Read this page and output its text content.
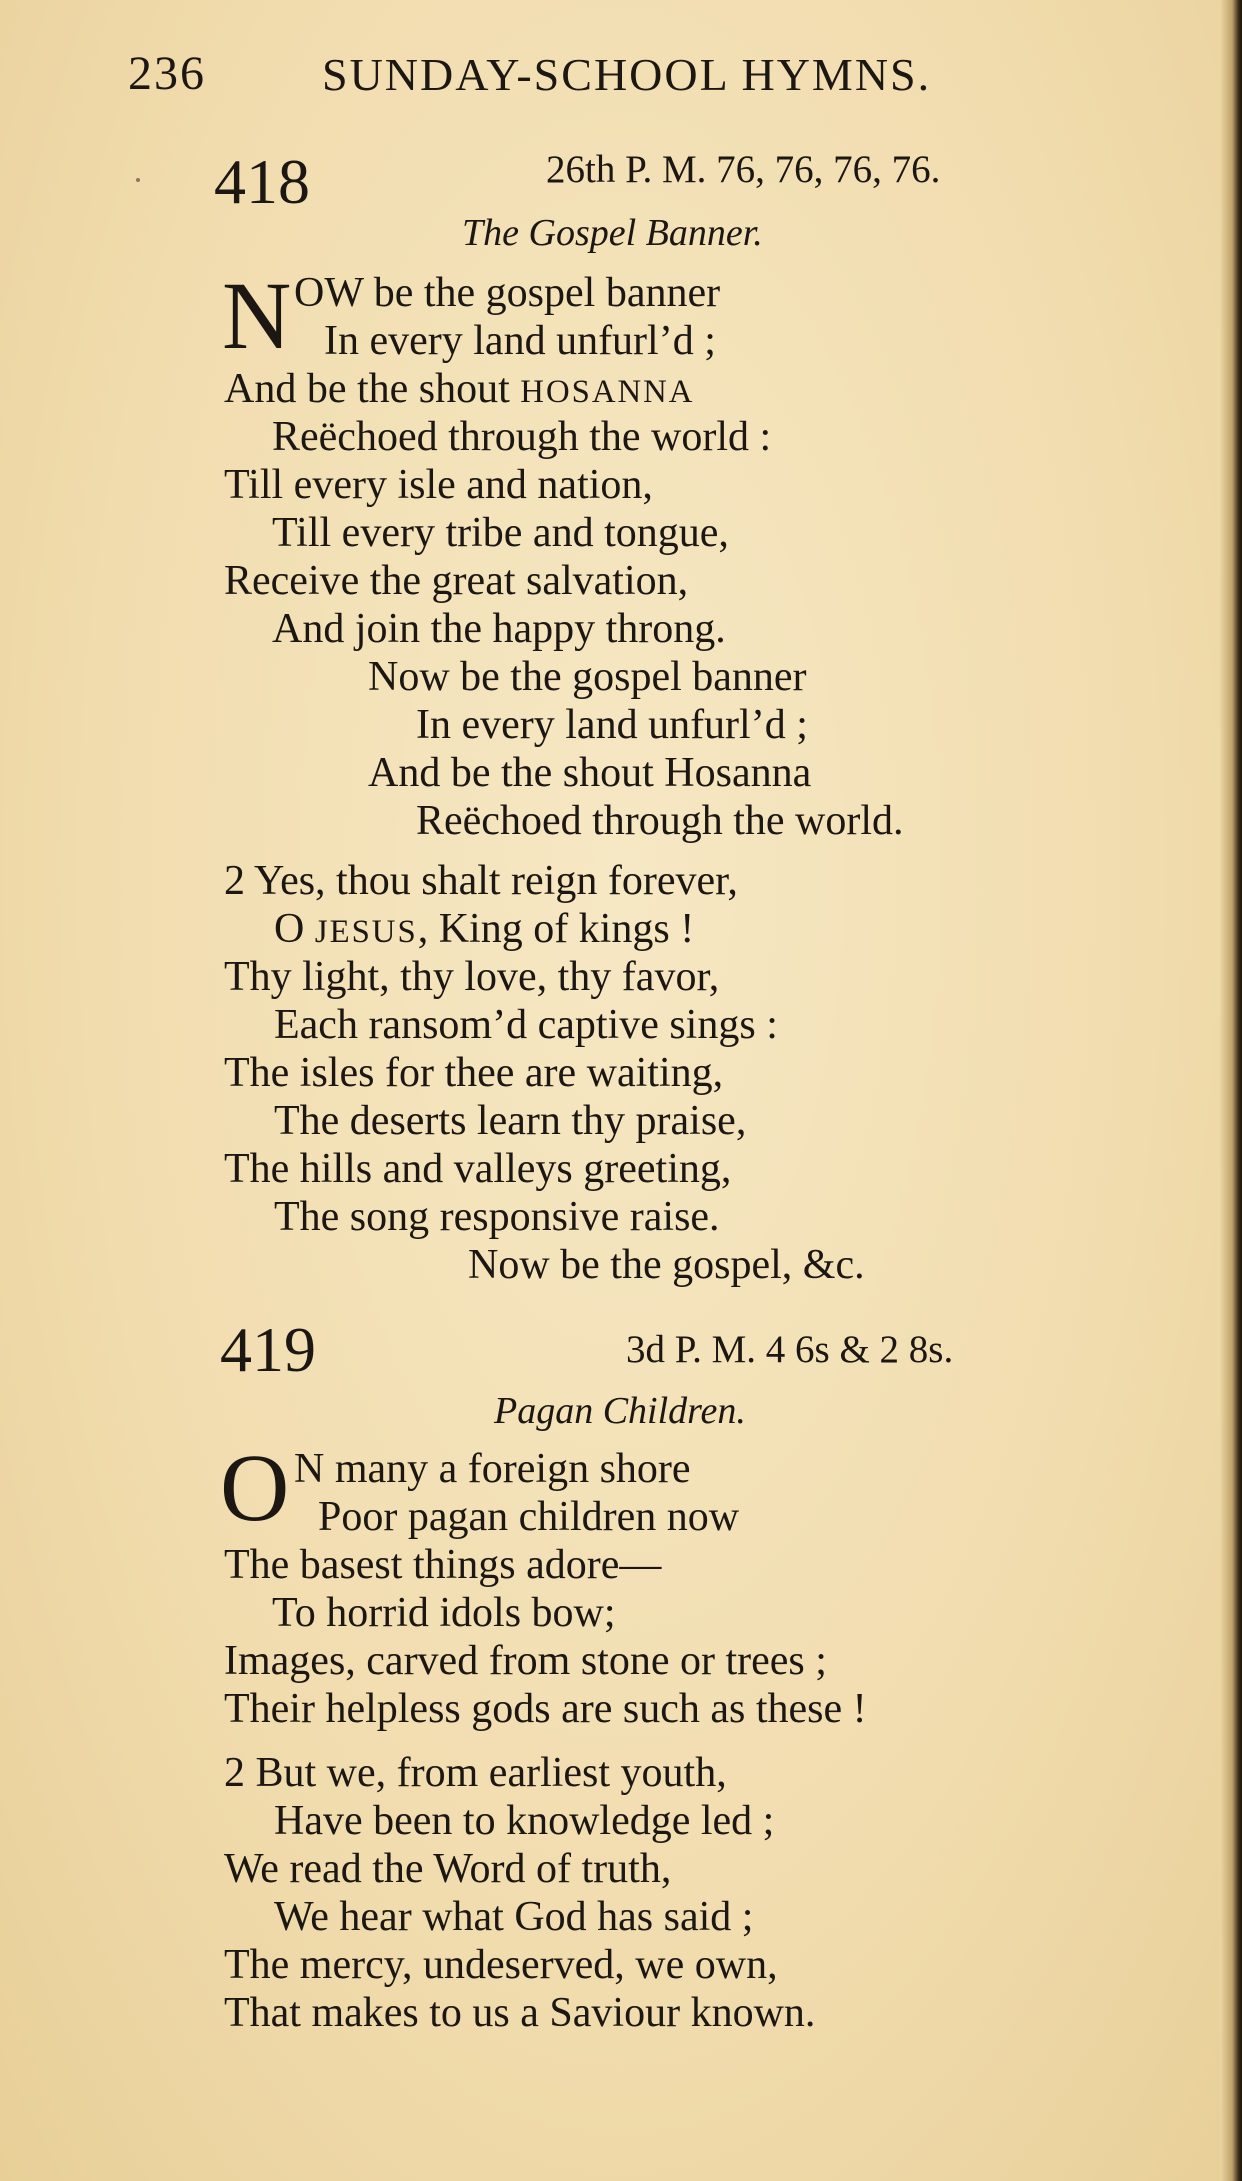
236	SUNDAY-SCHOOL HYMNS.
418	26th P. M. 76, 76, 76, 76.
The Gospel Banner.
N OW be the gospel banner
In every land unfurl’d ;
And be the shout HOSANNA
Reëchoed through the world :
Till every isle and nation,
Till every tribe and tongue,
Receive the great salvation,
And join the happy throng.
Now be the gospel banner
In every land unfurl’d ;
And be the shout Hosanna
Reëchoed through the world.
2 Yes, thou shalt reign forever,
O JESUS, King of kings !
Thy light, thy love, thy favor,
Each ransom’d captive sings :
The isles for thee are waiting,
The deserts learn thy praise,
The hills and valleys greeting,
The song responsive raise.
Now be the gospel, &c.
419	3d P. M. 4 6s & 2 8s.
Pagan Children.
O N many a foreign shore
Poor pagan children now
The basest things adore—
To horrid idols bow;
Images, carved from stone or trees ;
Their helpless gods are such as these !
2 But we, from earliest youth,
Have been to knowledge led ;
We read the Word of truth,
We hear what God has said ;
The mercy, undeserved, we own,
That makes to us a Saviour known.
